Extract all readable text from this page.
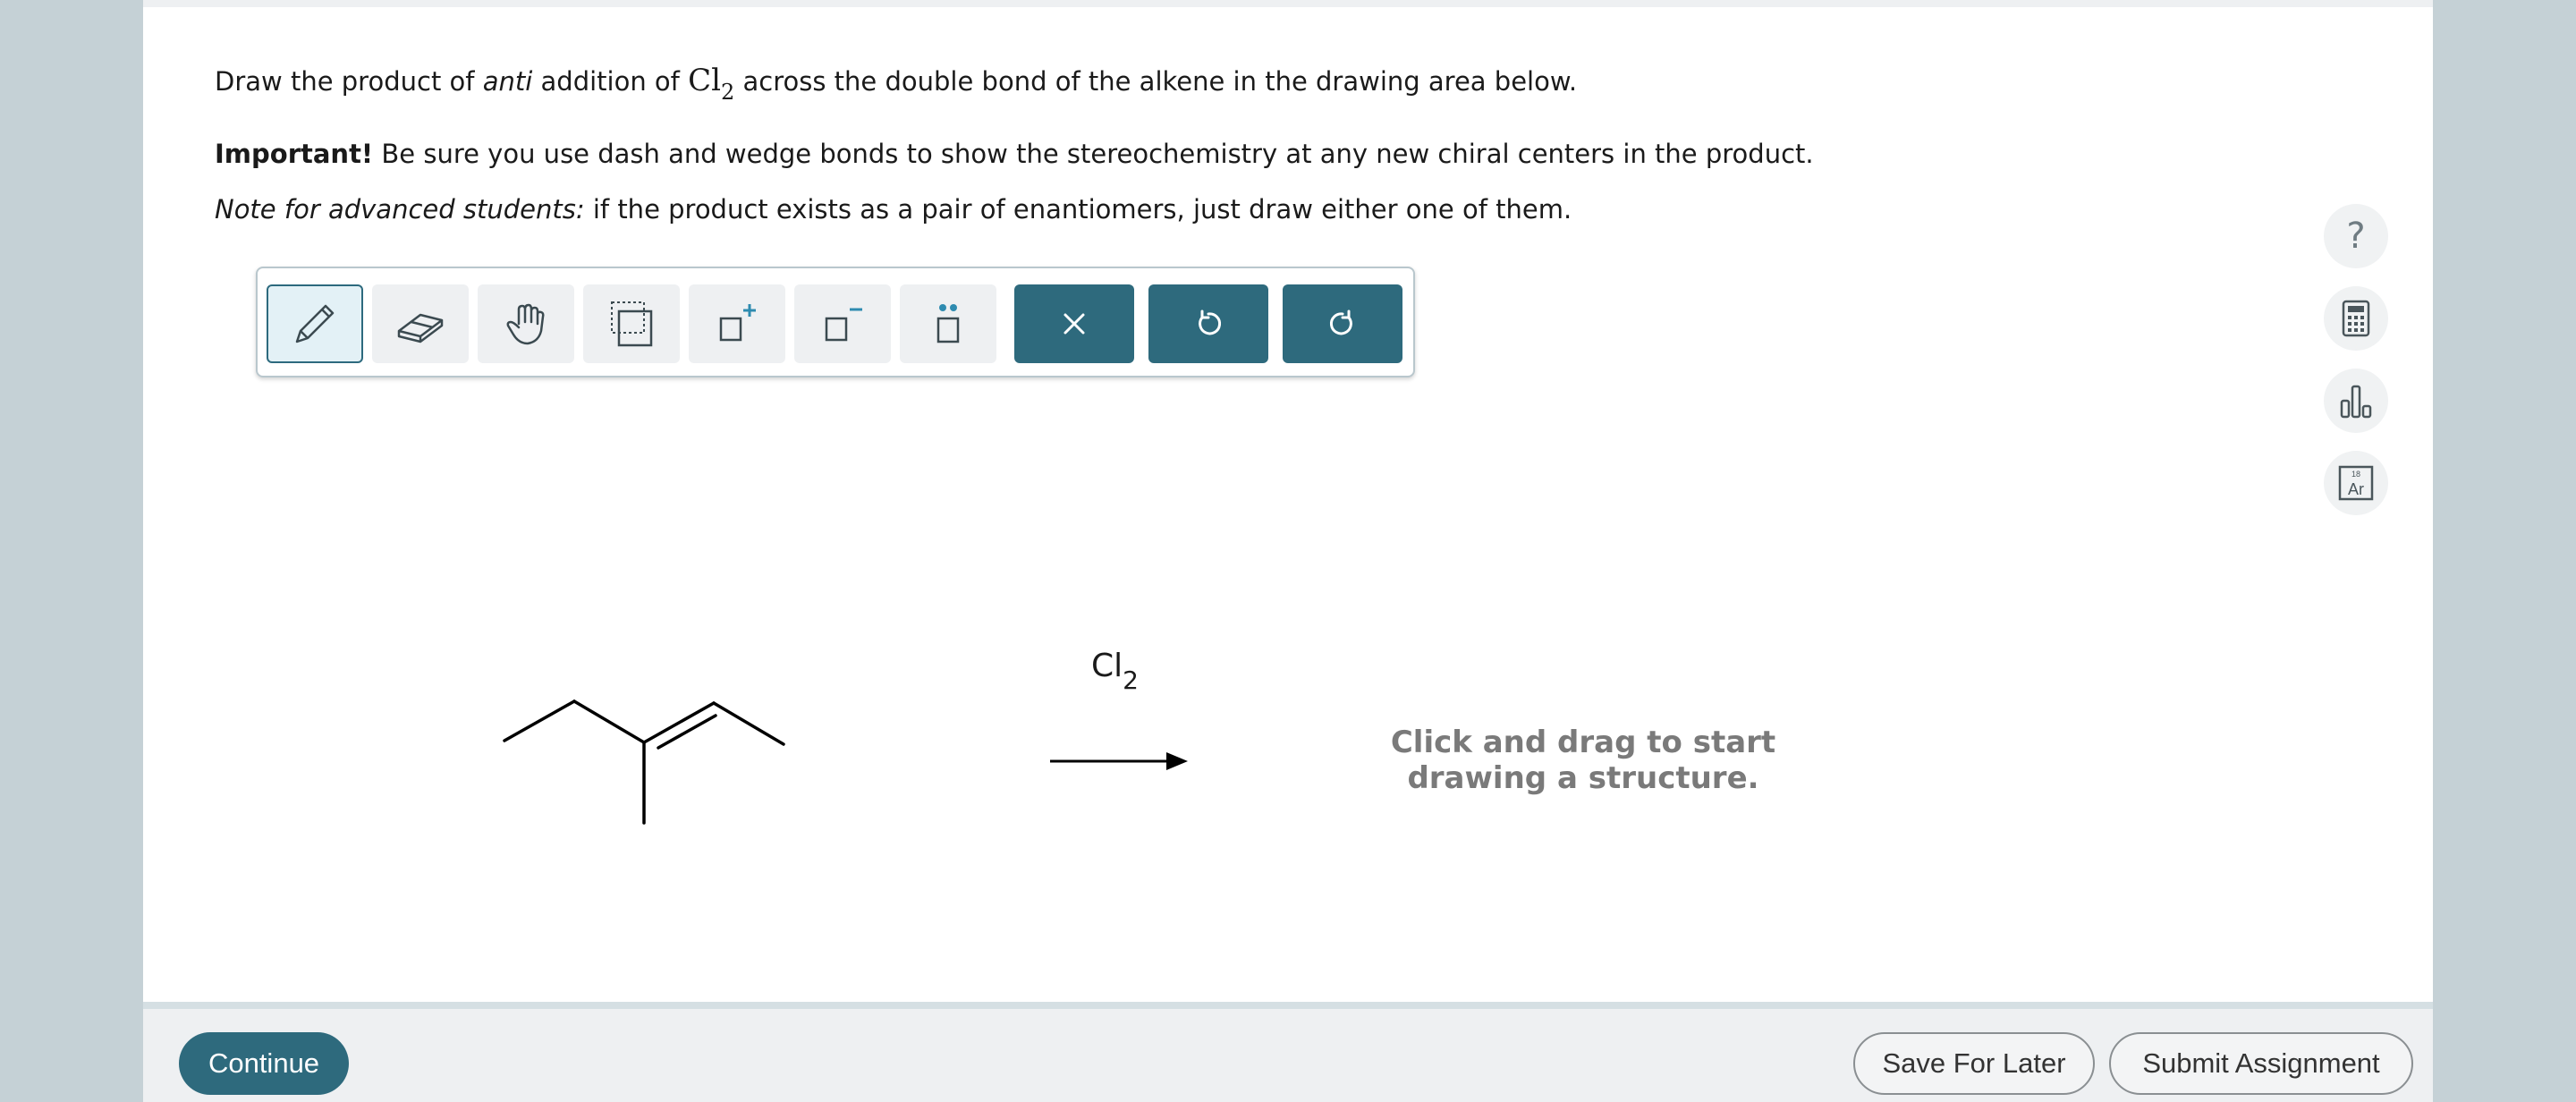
Draw the product of anti addition of $Cl_2$ across the double bond of the alkene in the drawing area below.
Important! Be sure you use dash and wedge bonds to show the stereochemistry at any new chiral centers in the product.
Note for advanced students: if the product exists as a pair of enantiomers, just draw either one of them.
?
18
Ar
$Cl_2$
Click and drag to start
drawing a structure.
Continue	Save For Later	Submit Assignment
